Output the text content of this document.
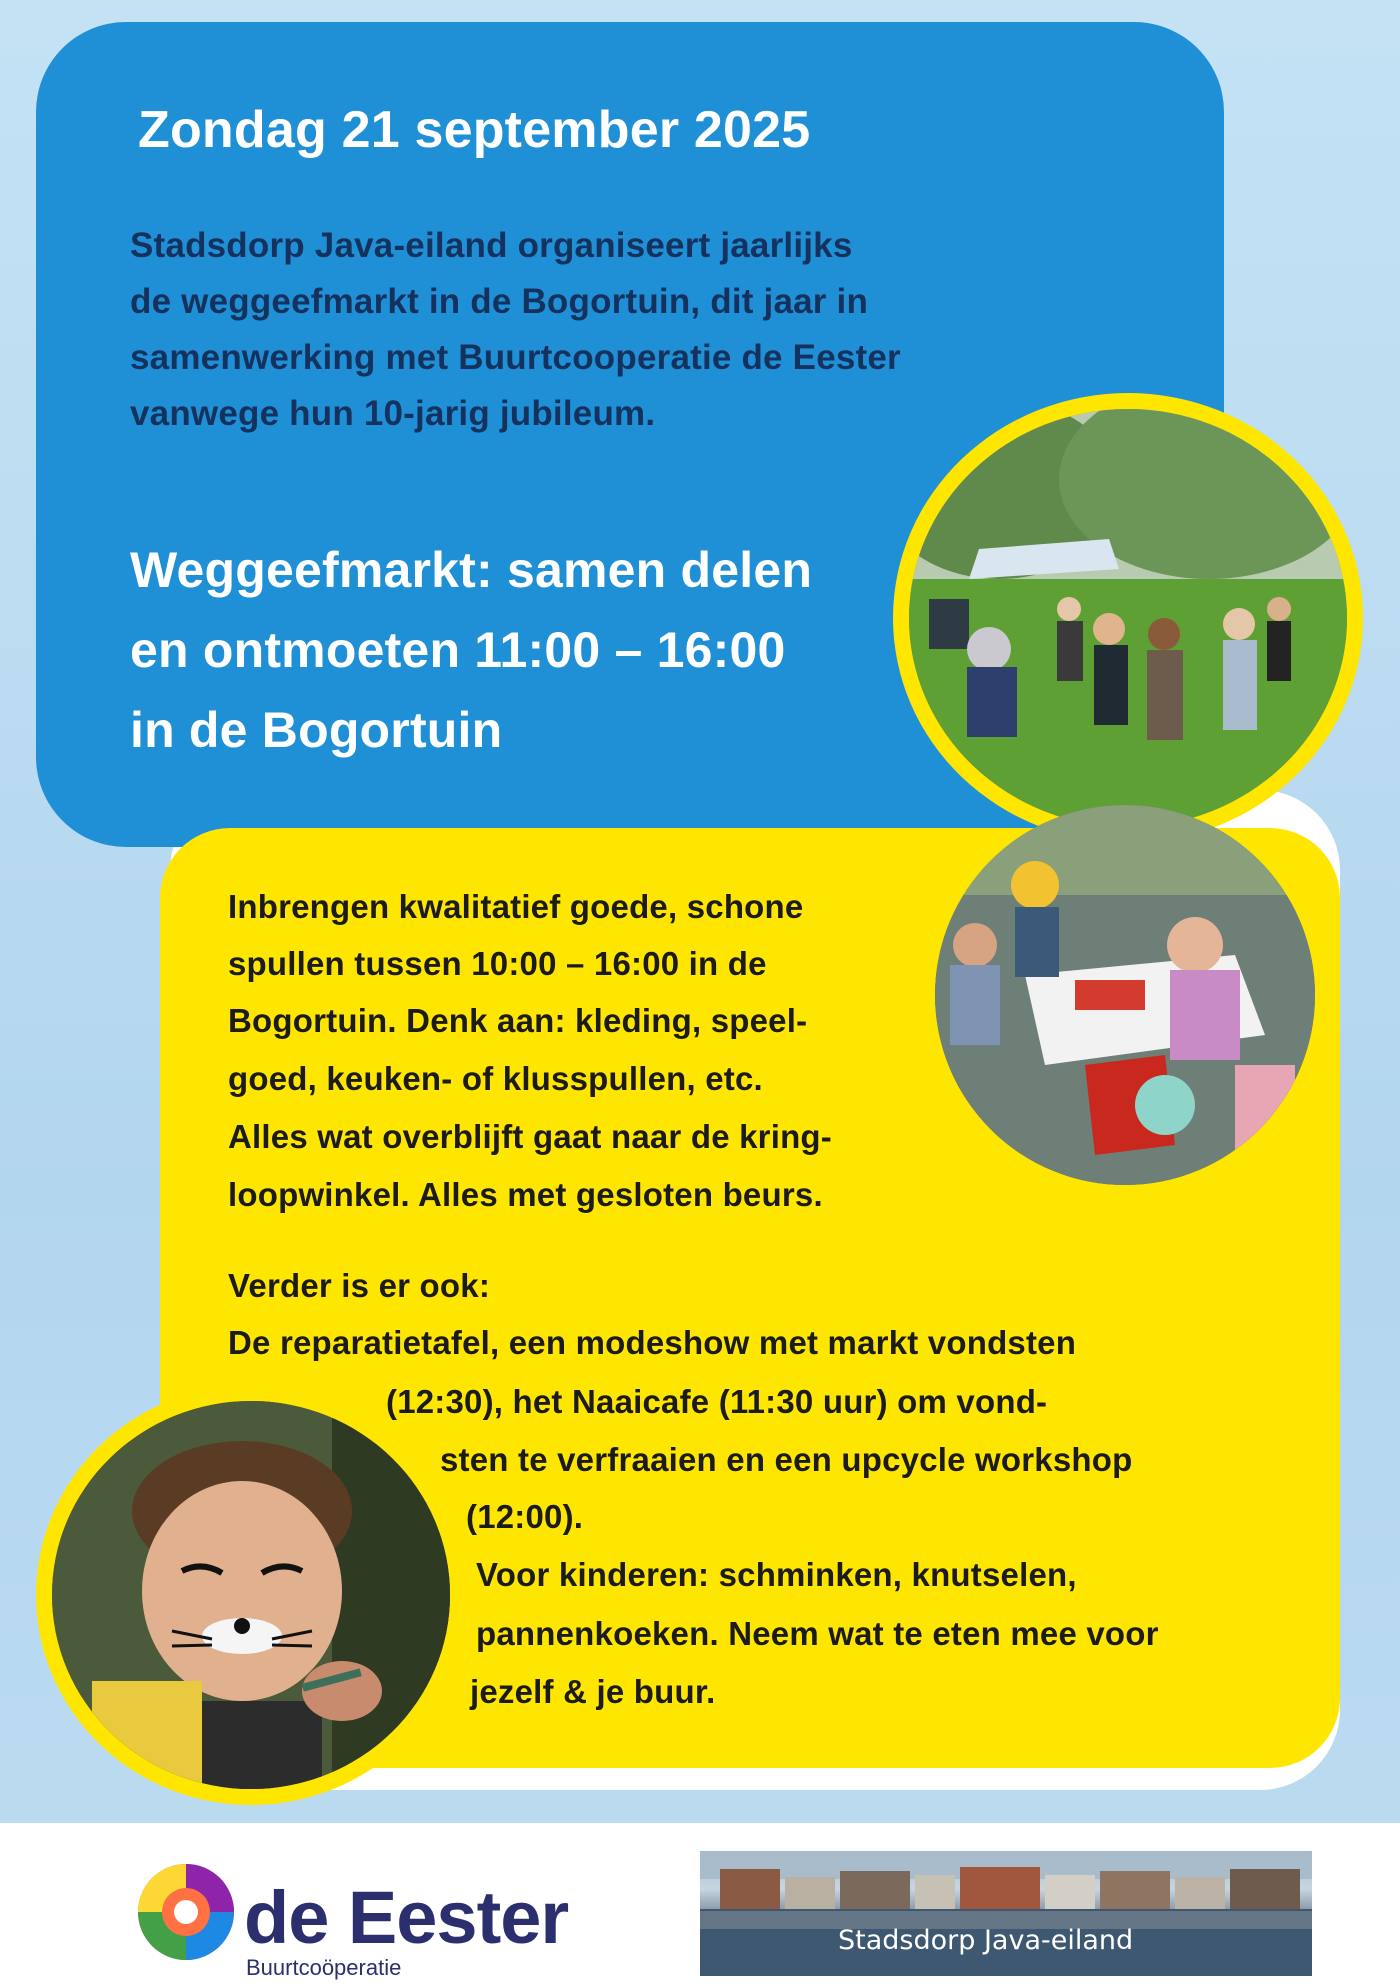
Zondag 21 september 2025
Stadsdorp Java-eiland organiseert jaarlijks
de weggeefmarkt in de Bogortuin, dit jaar in
samenwerking met Buurtcooperatie de Eester
vanwege hun 10-jarig jubileum.
Weggeefmarkt: samen delen
en ontmoeten 11:00 – 16:00
in de Bogortuin
Inbrengen kwalitatief goede, schone
spullen tussen 10:00 – 16:00 in de
Bogortuin. Denk aan: kleding, speel-
goed, keuken- of klusspullen, etc.
Alles wat overblijft gaat naar de kring-
loopwinkel. Alles met gesloten beurs.
Verder is er ook:
De reparatietafel, een modeshow met markt vondsten
(12:30), het Naaicafe (11:30 uur) om vond-
sten te verfraaien en een upcycle workshop
(12:00).
Voor kinderen: schminken, knutselen,
pannenkoeken. Neem wat te eten mee voor
jezelf & je buur.
de Eester
Buurtcoöperatie
Stadsdorp Java-eiland
